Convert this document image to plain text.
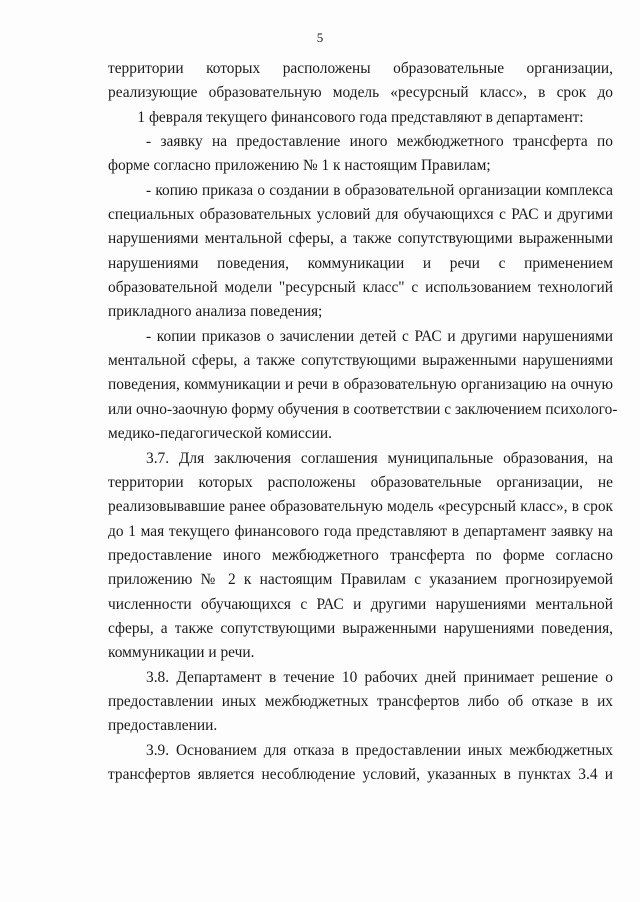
5
территории которых расположены образовательные организации,
реализующие образовательную модель «ресурсный класс», в срок до
1 февраля текущего финансового года представляют в департамент:
- заявку на предоставление иного межбюджетного трансферта по
форме согласно приложению № 1 к настоящим Правилам;
- копию приказа о создании в образовательной организации комплекса
специальных образовательных условий для обучающихся с РАС и другими
нарушениями ментальной сферы, а также сопутствующими выраженными
нарушениями поведения, коммуникации и речи с применением
образовательной модели "ресурсный класс" с использованием технологий
прикладного анализа поведения;
- копии приказов о зачислении детей с РАС и другими нарушениями
ментальной сферы, а также сопутствующими выраженными нарушениями
поведения, коммуникации и речи в образовательную организацию на очную
или очно-заочную форму обучения в соответствии с заключением психолого-
медико-педагогической комиссии.
3.7. Для заключения соглашения муниципальные образования, на
территории которых расположены образовательные организации, не
реализовывавшие ранее образовательную модель «ресурсный класс», в срок
до 1 мая текущего финансового года представляют в департамент заявку на
предоставление иного межбюджетного трансферта по форме согласно
приложению № 2 к настоящим Правилам с указанием прогнозируемой
численности обучающихся с РАС и другими нарушениями ментальной
сферы, а также сопутствующими выраженными нарушениями поведения,
коммуникации и речи.
3.8. Департамент в течение 10 рабочих дней принимает решение о
предоставлении иных межбюджетных трансфертов либо об отказе в их
предоставлении.
3.9. Основанием для отказа в предоставлении иных межбюджетных
трансфертов является несоблюдение условий, указанных в пунктах 3.4 и
